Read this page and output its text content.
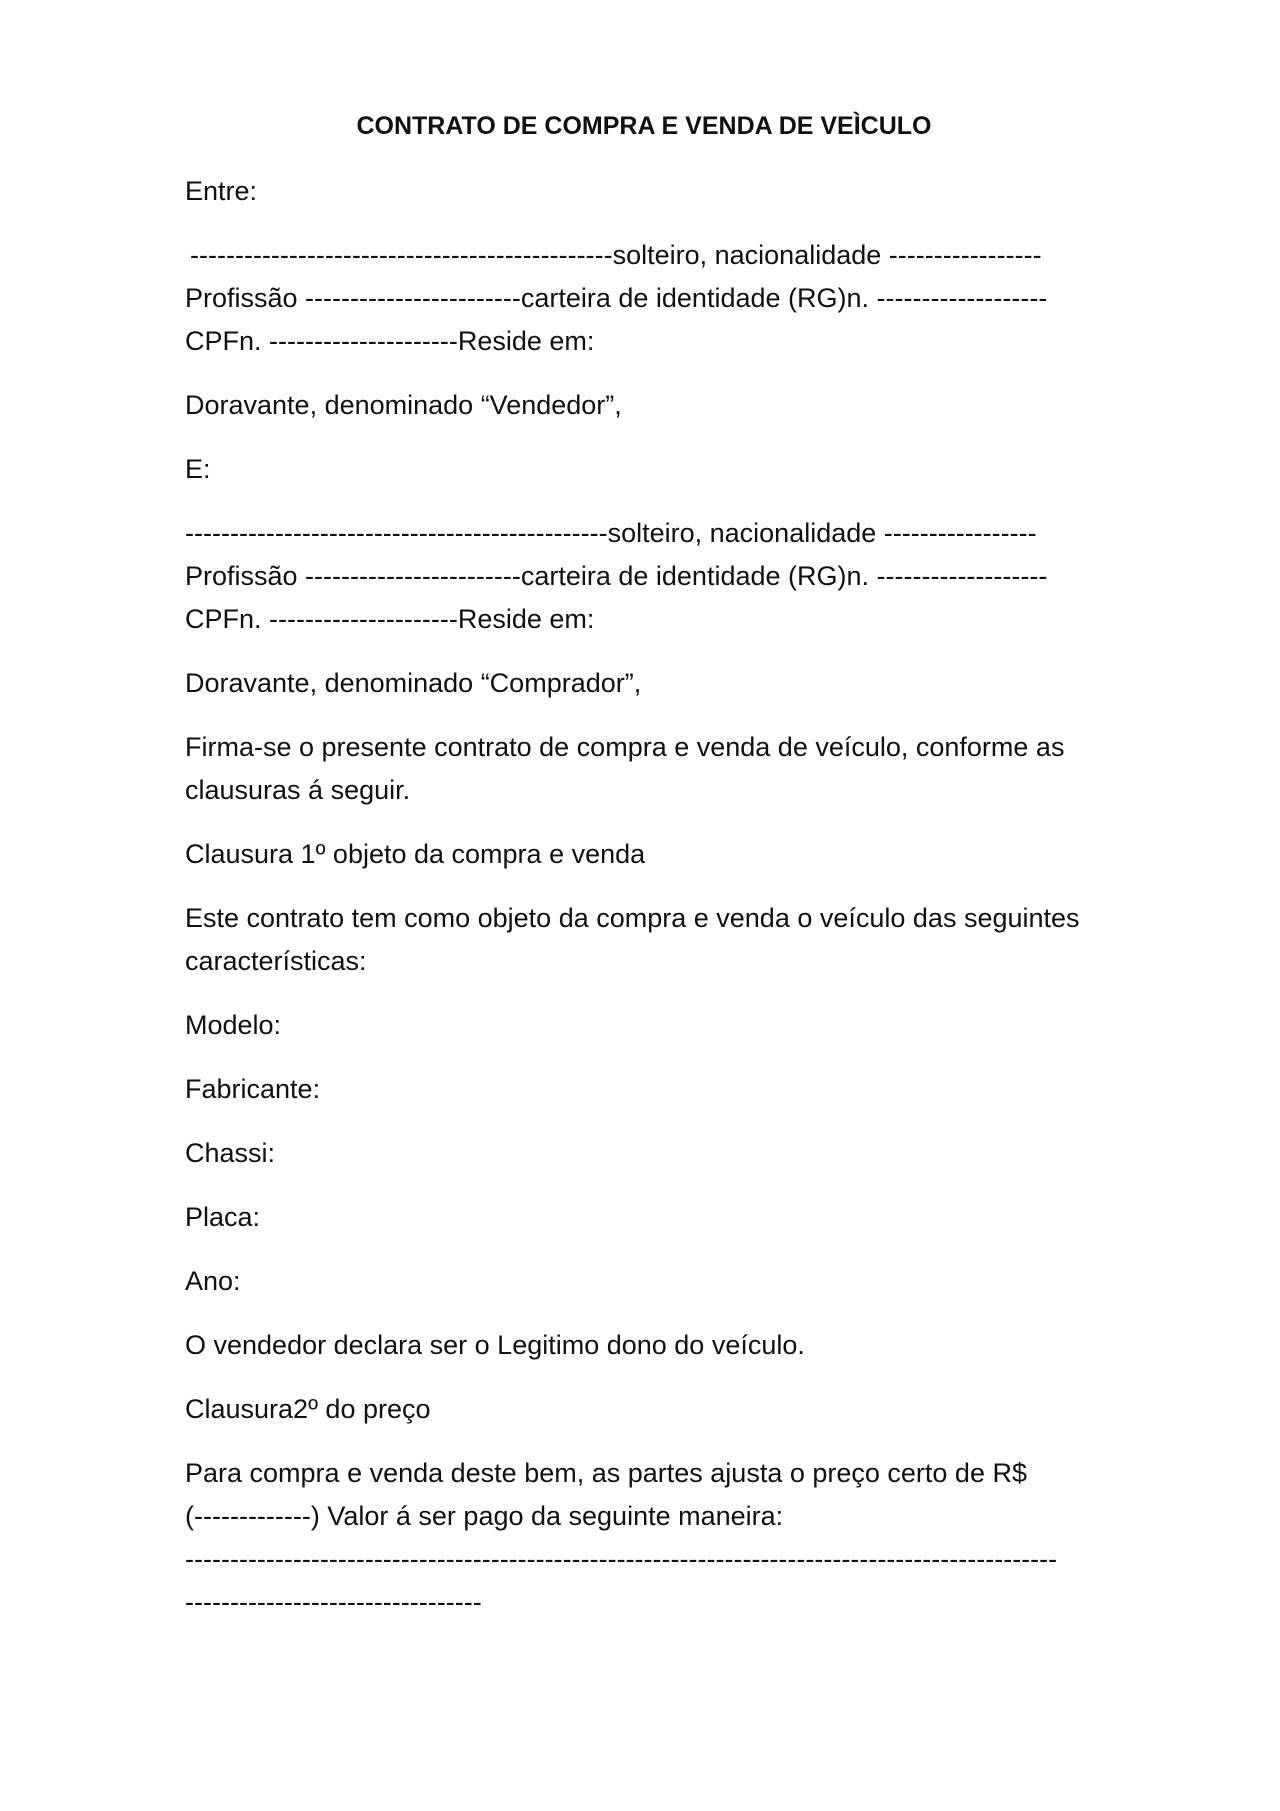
CONTRATO DE COMPRA E VENDA DE VEÌCULO

Entre:

-----------------------------------------------solteiro, nacionalidade -----------------
Profissão ------------------------carteira de identidade (RG)n. -------------------
CPFn. ---------------------Reside em:

Doravante, denominado “Vendedor”,

E:

-----------------------------------------------solteiro, nacionalidade -----------------
Profissão ------------------------carteira de identidade (RG)n. -------------------
CPFn. ---------------------Reside em:

Doravante, denominado “Comprador”,

Firma-se o presente contrato de compra e venda de veículo, conforme as
clausuras á seguir.

Clausura 1º objeto da compra e venda

Este contrato tem como objeto da compra e venda o veículo das seguintes
características:

Modelo:

Fabricante:

Chassi:

Placa:

Ano:

O vendedor declara ser o Legitimo dono do veículo.

Clausura2º do preço

Para compra e venda deste bem, as partes ajusta o preço certo de R$
(-------------) Valor á ser pago da seguinte maneira:
-------------------------------------------------------------------------------------------------
---------------------------------
